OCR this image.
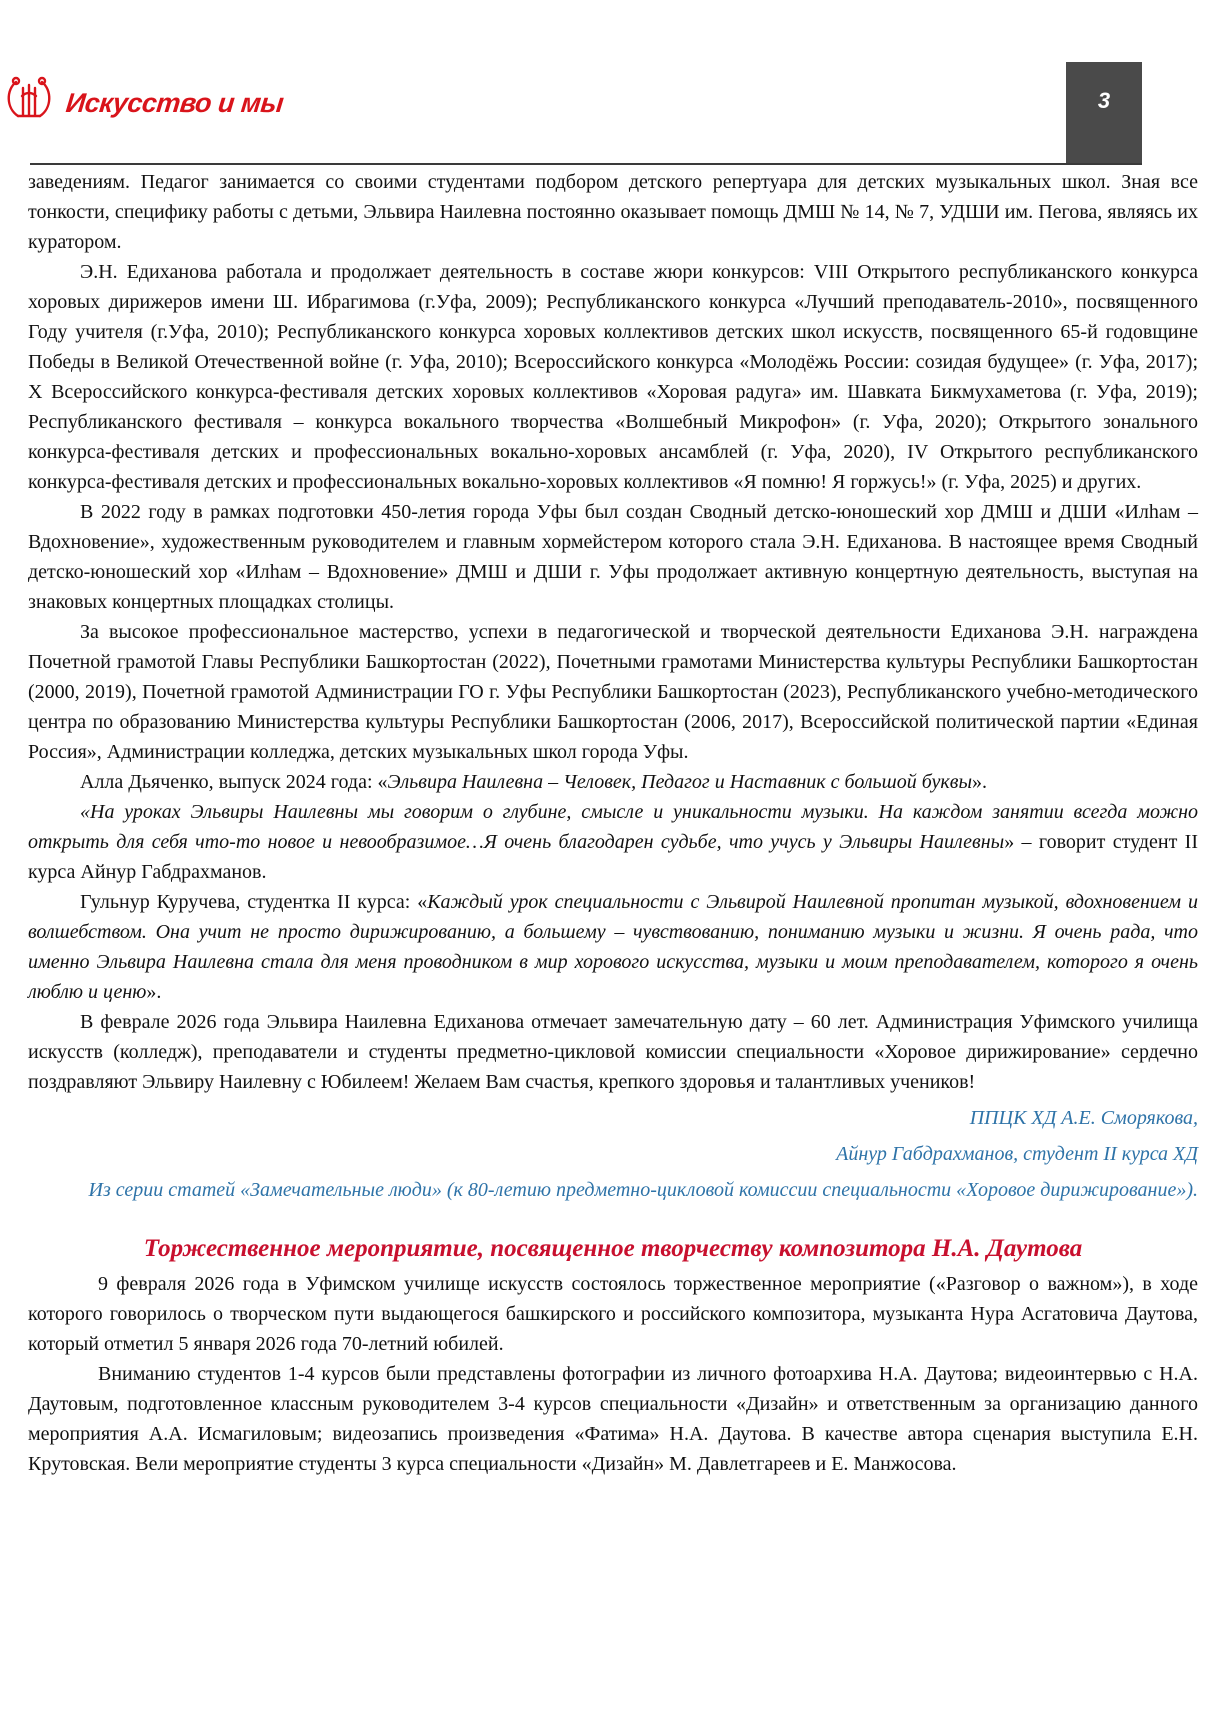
Искусство и мы	3

заведениям. Педагог занимается со своими студентами подбором детского репертуара для детских музыкальных школ. Зная все тонкости, специфику работы с детьми, Эльвира Наилевна постоянно оказывает помощь ДМШ № 14, № 7, УДШИ им. Пегова, являясь их куратором.

Э.Н. Едиханова работала и продолжает деятельность в составе жюри конкурсов: VIII Открытого республиканского конкурса хоровых дирижеров имени Ш. Ибрагимова (г.Уфа, 2009); Республиканского конкурса «Лучший преподаватель-2010», посвященного Году учителя (г.Уфа, 2010); Республиканского конкурса хоровых коллективов детских школ искусств, посвященного 65-й годовщине Победы в Великой Отечественной войне (г. Уфа, 2010); Всероссийского конкурса «Молодёжь России: созидая будущее» (г. Уфа, 2017); X Всероссийского конкурса-фестиваля детских хоровых коллективов «Хоровая радуга» им. Шавката Бикмухаметова (г. Уфа, 2019); Республиканского фестиваля – конкурса вокального творчества «Волшебный Микрофон» (г. Уфа, 2020); Открытого зонального конкурса-фестиваля детских и профессиональных вокально-хоровых ансамблей (г. Уфа, 2020), IV Открытого республиканского конкурса-фестиваля детских и профессиональных вокально-хоровых коллективов «Я помню! Я горжусь!» (г. Уфа, 2025) и других.

В 2022 году в рамках подготовки 450-летия города Уфы был создан Сводный детско-юношеский хор ДМШ и ДШИ «Илһам – Вдохновение», художественным руководителем и главным хормейстером которого стала Э.Н. Едиханова. В настоящее время Сводный детско-юношеский хор «Илһам – Вдохновение» ДМШ и ДШИ г. Уфы продолжает активную концертную деятельность, выступая на знаковых концертных площадках столицы.

За высокое профессиональное мастерство, успехи в педагогической и творческой деятельности Едиханова Э.Н. награждена Почетной грамотой Главы Республики Башкортостан (2022), Почетными грамотами Министерства культуры Республики Башкортостан (2000, 2019), Почетной грамотой Администрации ГО г. Уфы Республики Башкортостан (2023), Республиканского учебно-методического центра по образованию Министерства культуры Республики Башкортостан (2006, 2017), Всероссийской политической партии «Единая Россия», Администрации колледжа, детских музыкальных школ города Уфы.

Алла Дьяченко, выпуск 2024 года: «Эльвира Наилевна – Человек, Педагог и Наставник с большой буквы».

«На уроках Эльвиры Наилевны мы говорим о глубине, смысле и уникальности музыки. На каждом занятии всегда можно открыть для себя что-то новое и невообразимое…Я очень благодарен судьбе, что учусь у Эльвиры Наилевны» – говорит студент II курса Айнур Габдрахманов.

Гульнур Куручева, студентка II курса: «Каждый урок специальности с Эльвирой Наилевной пропитан музыкой, вдохновением и волшебством. Она учит не просто дирижированию, а большему – чувствованию, пониманию музыки и жизни. Я очень рада, что именно Эльвира Наилевна стала для меня проводником в мир хорового искусства, музыки и моим преподавателем, которого я очень люблю и ценю».

В феврале 2026 года Эльвира Наилевна Едиханова отмечает замечательную дату – 60 лет. Администрация Уфимского училища искусств (колледж), преподаватели и студенты предметно-цикловой комиссии специальности «Хоровое дирижирование» сердечно поздравляют Эльвиру Наилевну с Юбилеем! Желаем Вам счастья, крепкого здоровья и талантливых учеников!

ППЦК ХД А.Е. Сморякова,

Айнур Габдрахманов, студент II курса ХД

Из серии статей «Замечательные люди» (к 80-летию предметно-цикловой комиссии специальности «Хоровое дирижирование»).

Торжественное мероприятие, посвященное творчеству композитора Н.А. Даутова

9 февраля 2026 года в Уфимском училище искусств состоялось торжественное мероприятие («Разговор о важном»), в ходе которого говорилось о творческом пути выдающегося башкирского и российского композитора, музыканта Нура Асгатовича Даутова, который отметил 5 января 2026 года 70-летний юбилей.

Вниманию студентов 1-4 курсов были представлены фотографии из личного фотоархива Н.А. Даутова; видеоинтервью с Н.А. Даутовым, подготовленное классным руководителем 3-4 курсов специальности «Дизайн» и ответственным за организацию данного мероприятия А.А. Исмагиловым; видеозапись произведения «Фатима» Н.А. Даутова. В качестве автора сценария выступила Е.Н. Крутовская. Вели мероприятие студенты 3 курса специальности «Дизайн» М. Давлетгареев и Е. Манжосова.
